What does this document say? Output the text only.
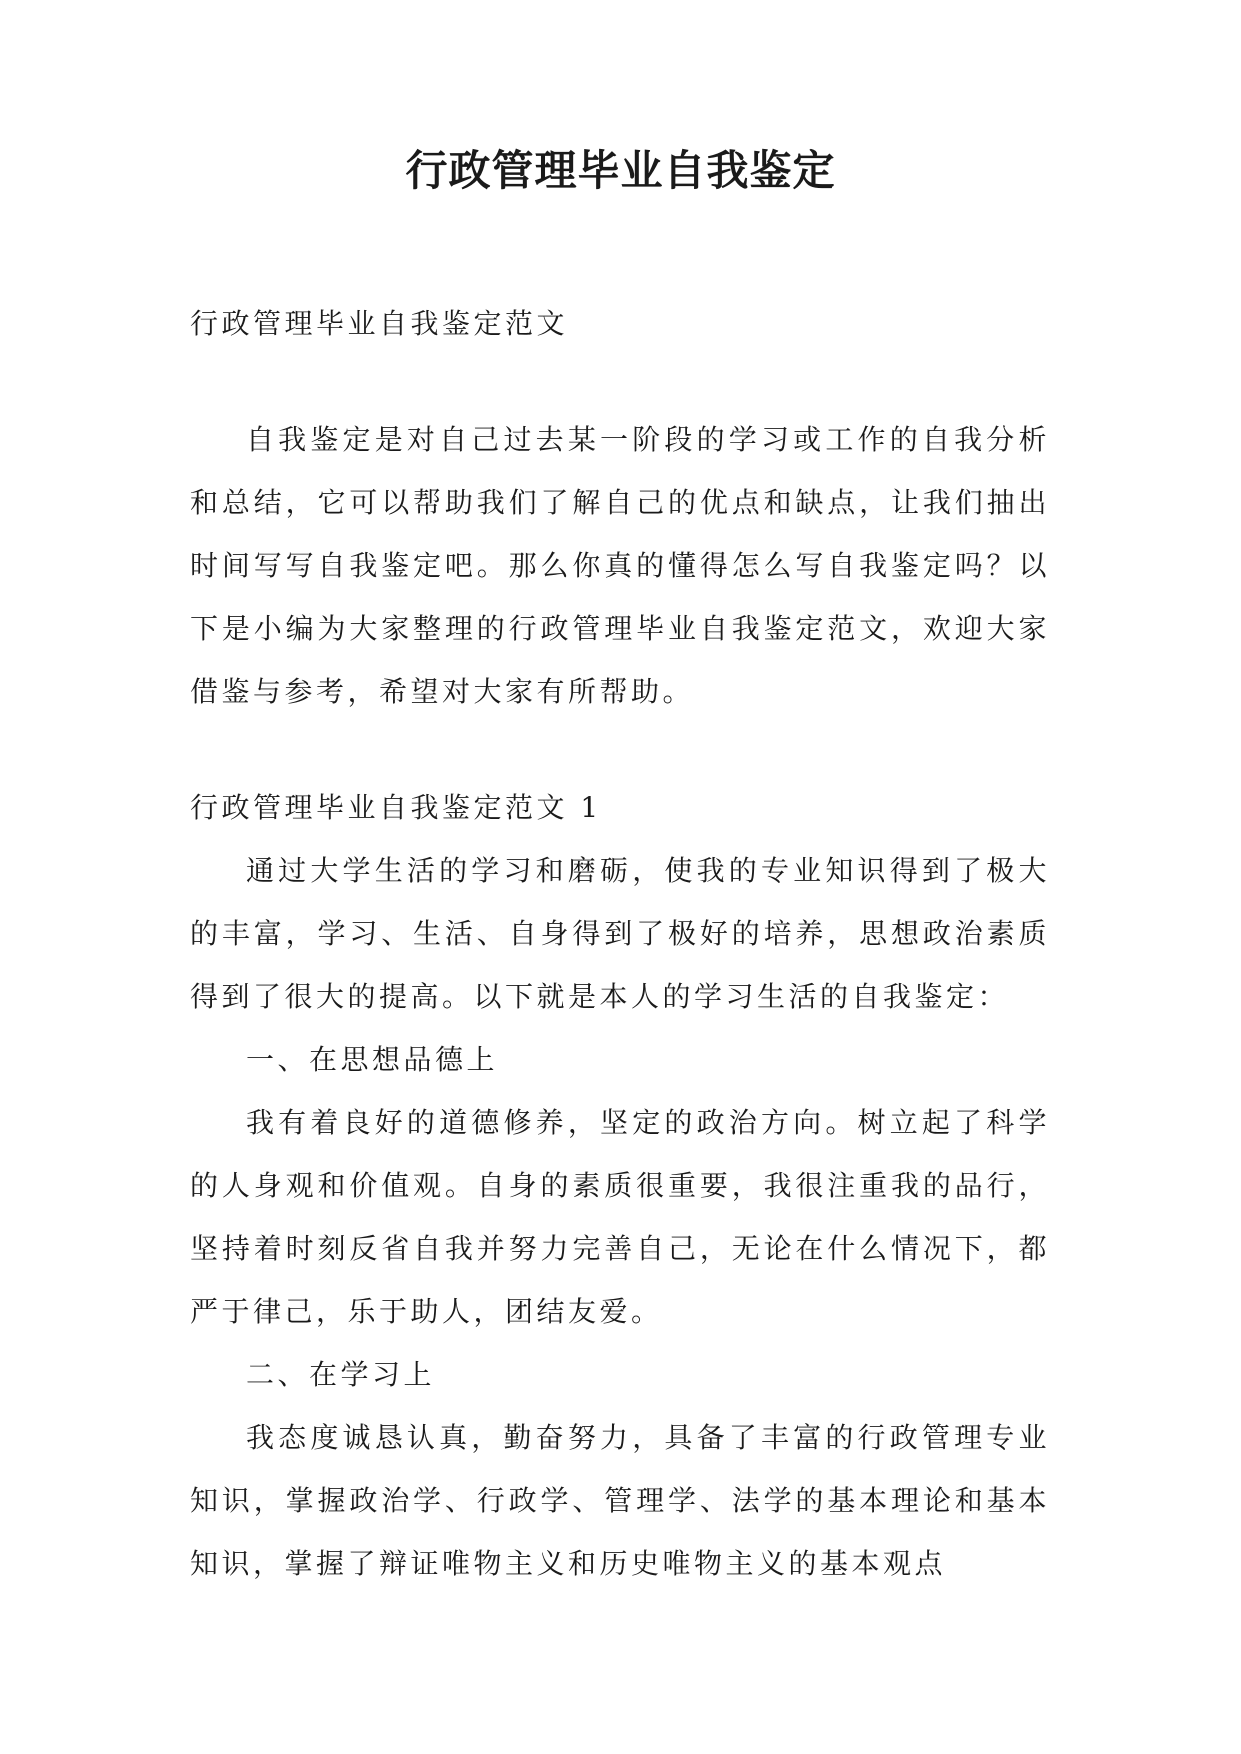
行政管理毕业自我鉴定

行政管理毕业自我鉴定范文

自我鉴定是对自己过去某一阶段的学习或工作的自我分析和总结，它可以帮助我们了解自己的优点和缺点，让我们抽出时间写写自我鉴定吧。那么你真的懂得怎么写自我鉴定吗？以下是小编为大家整理的行政管理毕业自我鉴定范文，欢迎大家借鉴与参考，希望对大家有所帮助。

行政管理毕业自我鉴定范文 1

通过大学生活的学习和磨砺，使我的专业知识得到了极大的丰富，学习、生活、自身得到了极好的培养，思想政治素质得到了很大的提高。以下就是本人的学习生活的自我鉴定：

一、在思想品德上

我有着良好的道德修养，坚定的政治方向。树立起了科学的人身观和价值观。自身的素质很重要，我很注重我的品行，坚持着时刻反省自我并努力完善自己，无论在什么情况下，都严于律己，乐于助人，团结友爱。

二、在学习上

我态度诚恳认真，勤奋努力，具备了丰富的行政管理专业知识，掌握政治学、行政学、管理学、法学的基本理论和基本知识，掌握了辩证唯物主义和历史唯物主义的基本观点
